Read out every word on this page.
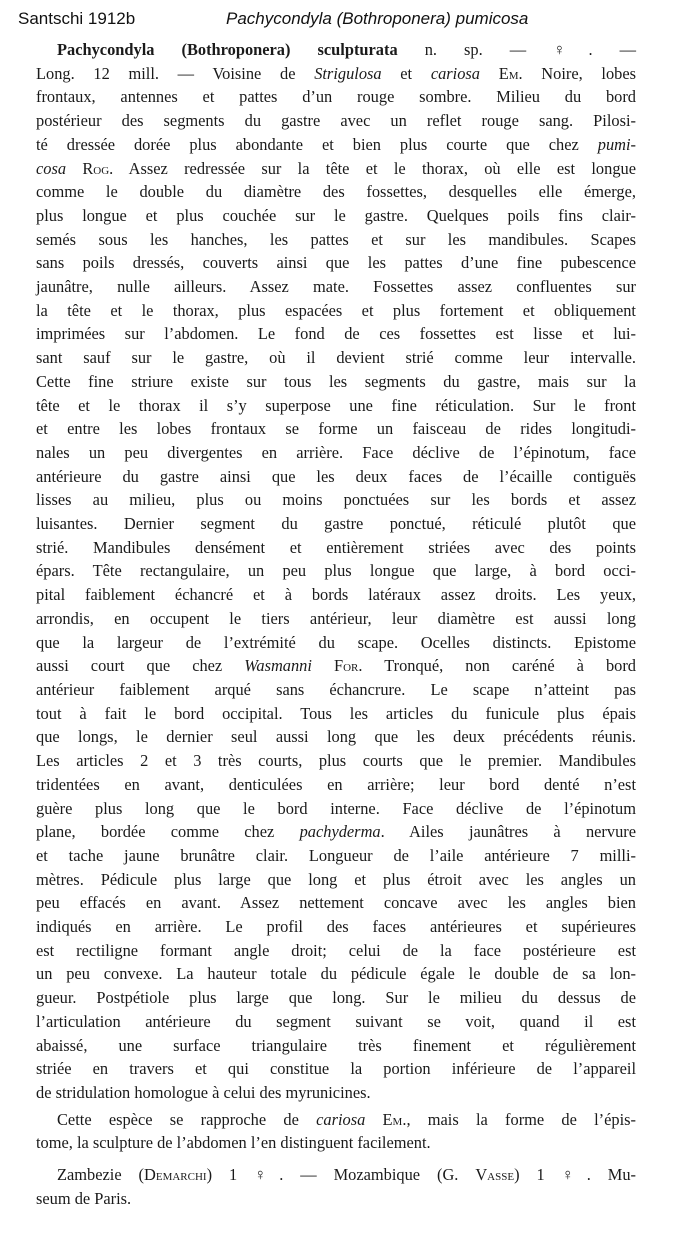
Santschi 1912b	Pachycondyla (Bothroponera) pumicosa

Pachycondyla (Bothroponera) sculpturata n. sp. — ♀. —
Long. 12 mill. — Voisine de Strigulosa et cariosa Em. Noire, lobes
frontaux, antennes et pattes d’un rouge sombre. Milieu du bord
postérieur des segments du gastre avec un reflet rouge sang. Pilosi-
té dressée dorée plus abondante et bien plus courte que chez pumi-
cosa Rog. Assez redressée sur la tête et le thorax, où elle est longue
comme le double du diamètre des fossettes, desquelles elle émerge,
plus longue et plus couchée sur le gastre. Quelques poils fins clair-
semés sous les hanches, les pattes et sur les mandibules. Scapes
sans poils dressés, couverts ainsi que les pattes d’une fine pubescence
jaunâtre, nulle ailleurs. Assez mate. Fossettes assez confluentes sur
la tête et le thorax, plus espacées et plus fortement et obliquement
imprimées sur l’abdomen. Le fond de ces fossettes est lisse et lui-
sant sauf sur le gastre, où il devient strié comme leur intervalle.
Cette fine striure existe sur tous les segments du gastre, mais sur la
tête et le thorax il s’y superpose une fine réticulation. Sur le front
et entre les lobes frontaux se forme un faisceau de rides longitudi-
nales un peu divergentes en arrière. Face déclive de l’épinotum, face
antérieure du gastre ainsi que les deux faces de l’écaille contiguës
lisses au milieu, plus ou moins ponctuées sur les bords et assez
luisantes. Dernier segment du gastre ponctué, réticulé plutôt que
strié. Mandibules densément et entièrement striées avec des points
épars. Tête rectangulaire, un peu plus longue que large, à bord occi-
pital faiblement échancré et à bords latéraux assez droits. Les yeux,
arrondis, en occupent le tiers antérieur, leur diamètre est aussi long
que la largeur de l’extrémité du scape. Ocelles distincts. Epistome
aussi court que chez Wasmanni For. Tronqué, non caréné à bord
antérieur faiblement arqué sans échancrure. Le scape n’atteint pas
tout à fait le bord occipital. Tous les articles du funicule plus épais
que longs, le dernier seul aussi long que les deux précédents réunis.
Les articles 2 et 3 très courts, plus courts que le premier. Mandibules
tridentées en avant, denticulées en arrière; leur bord denté n’est
guère plus long que le bord interne. Face déclive de l’épinotum
plane, bordée comme chez pachyderma. Ailes jaunâtres à nervure
et tache jaune brunâtre clair. Longueur de l’aile antérieure 7 milli-
mètres. Pédicule plus large que long et plus étroit avec les angles un
peu effacés en avant. Assez nettement concave avec les angles bien
indiqués en arrière. Le profil des faces antérieures et supérieures
est rectiligne formant angle droit; celui de la face postérieure est
un peu convexe. La hauteur totale du pédicule égale le double de sa lon-
gueur. Postpétiole plus large que long. Sur le milieu du dessus de
l’articulation antérieure du segment suivant se voit, quand il est
abaissé, une surface triangulaire très finement et régulièrement
striée en travers et qui constitue la portion inférieure de l’appareil
de stridulation homologue à celui des myrunicines.

Cette espèce se rapproche de cariosa Em., mais la forme de l’épis-
tome, la sculpture de l’abdomen l’en distinguent facilement.

Zambezie (Demarchi) 1 ♀. — Mozambique (G. Vasse) 1 ♀. Mu-
seum de Paris.
